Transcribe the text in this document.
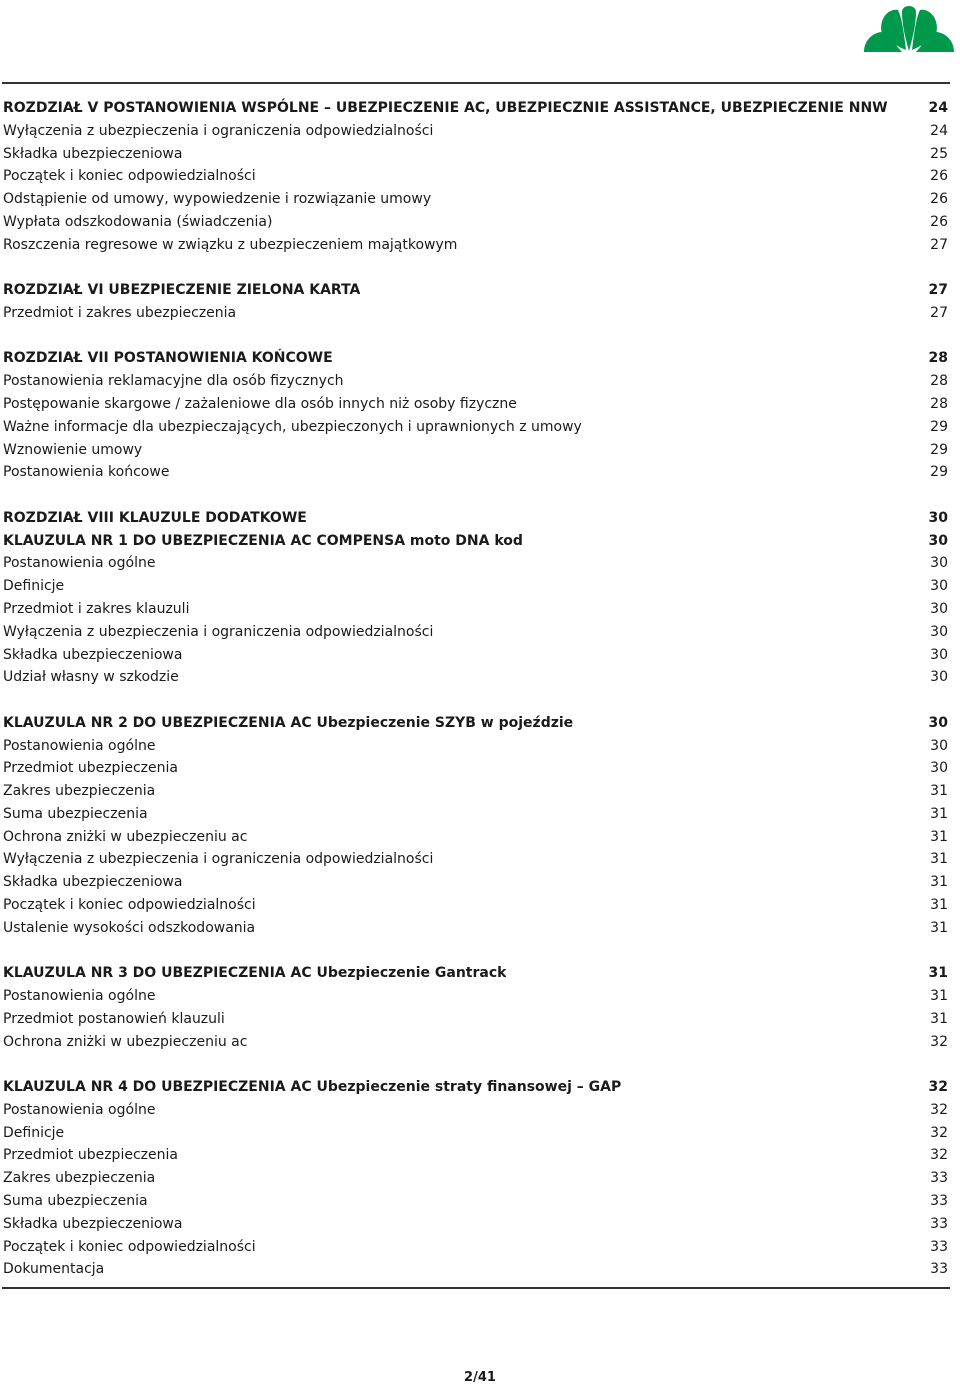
ROZDZIAŁ V POSTANOWIENIA WSPÓLNE – UBEZPIECZENIE AC, UBEZPIECZNIE ASSISTANCE, UBEZPIECZENIE NNW	24
Wyłączenia z ubezpieczenia i ograniczenia odpowiedzialności	24
Składka ubezpieczeniowa	25
Początek i koniec odpowiedzialności	26
Odstąpienie od umowy, wypowiedzenie i rozwiązanie umowy	26
Wypłata odszkodowania (świadczenia)	26
Roszczenia regresowe w związku z ubezpieczeniem majątkowym	27
ROZDZIAŁ VI UBEZPIECZENIE ZIELONA KARTA	27
Przedmiot i zakres ubezpieczenia	27
ROZDZIAŁ VII POSTANOWIENIA KOŃCOWE	28
Postanowienia reklamacyjne dla osób fizycznych	28
Postępowanie skargowe / zażaleniowe dla osób innych niż osoby fizyczne	28
Ważne informacje dla ubezpieczających, ubezpieczonych i uprawnionych z umowy	29
Wznowienie umowy	29
Postanowienia końcowe	29
ROZDZIAŁ VIII KLAUZULE DODATKOWE	30
KLAUZULA NR 1 DO UBEZPIECZENIA AC COMPENSA moto DNA kod	30
Postanowienia ogólne	30
Definicje	30
Przedmiot i zakres klauzuli	30
Wyłączenia z ubezpieczenia i ograniczenia odpowiedzialności	30
Składka ubezpieczeniowa	30
Udział własny w szkodzie	30
KLAUZULA NR 2 DO UBEZPIECZENIA AC Ubezpieczenie SZYB w pojeździe	30
Postanowienia ogólne	30
Przedmiot ubezpieczenia	30
Zakres ubezpieczenia	31
Suma ubezpieczenia	31
Ochrona zniżki w ubezpieczeniu ac	31
Wyłączenia z ubezpieczenia i ograniczenia odpowiedzialności	31
Składka ubezpieczeniowa	31
Początek i koniec odpowiedzialności	31
Ustalenie wysokości odszkodowania	31
KLAUZULA NR 3 DO UBEZPIECZENIA AC Ubezpieczenie Gantrack	31
Postanowienia ogólne	31
Przedmiot postanowień klauzuli	31
Ochrona zniżki w ubezpieczeniu ac	32
KLAUZULA NR 4 DO UBEZPIECZENIA AC Ubezpieczenie straty finansowej – GAP	32
Postanowienia ogólne	32
Definicje	32
Przedmiot ubezpieczenia	32
Zakres ubezpieczenia	33
Suma ubezpieczenia	33
Składka ubezpieczeniowa	33
Początek i koniec odpowiedzialności	33
Dokumentacja	33
2/41
